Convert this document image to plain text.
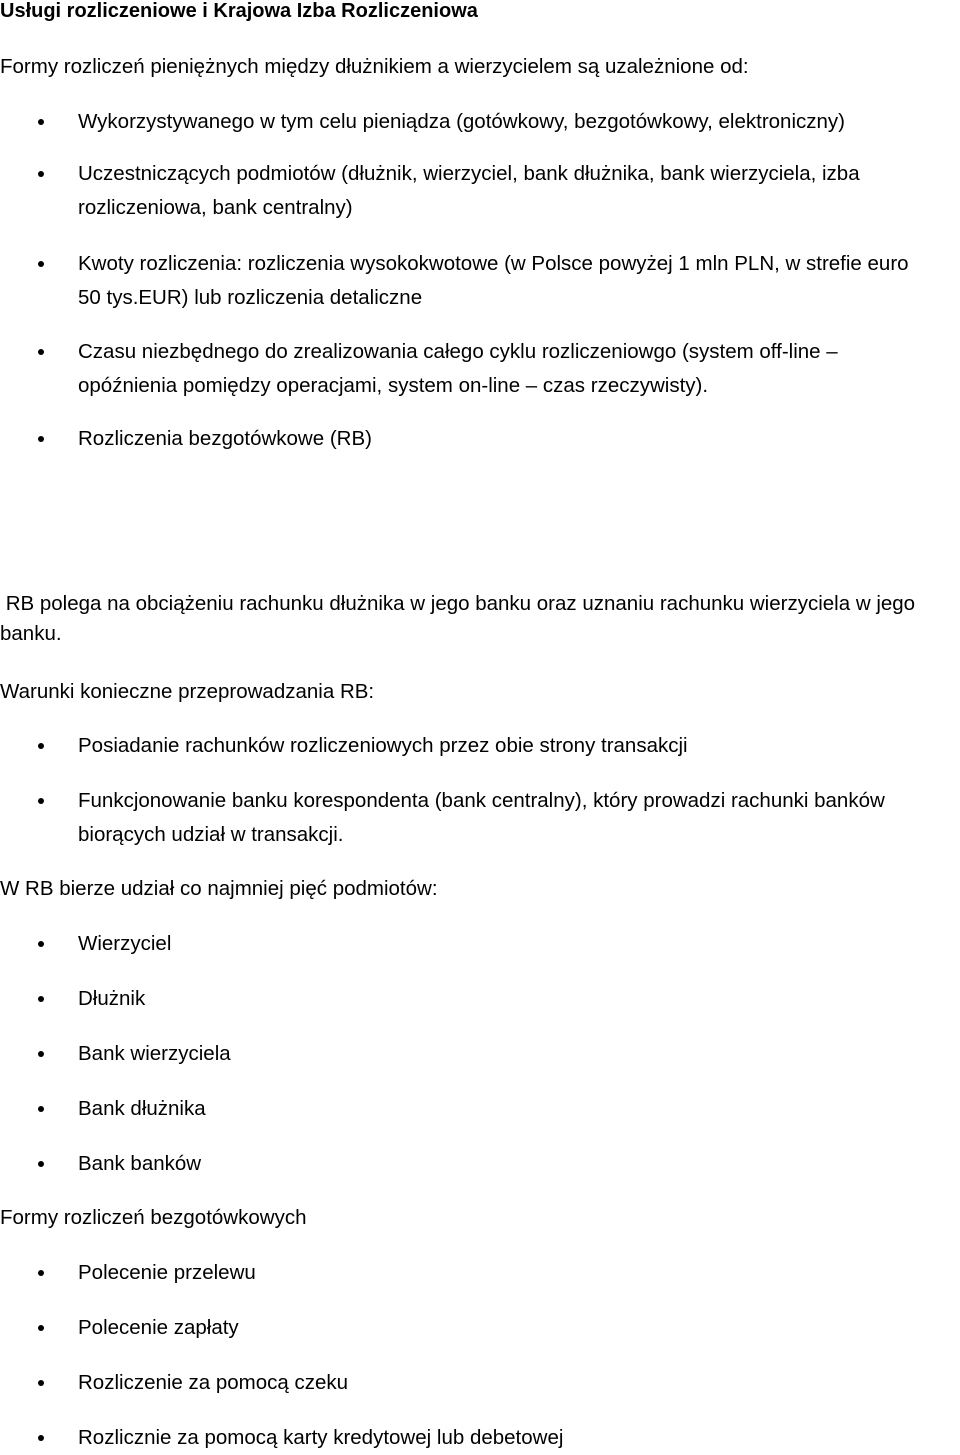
Usługi rozliczeniowe i Krajowa Izba Rozliczeniowa

Formy rozliczeń pieniężnych między dłużnikiem a wierzycielem są uzależnione od:

Wykorzystywanego w tym celu pieniądza (gotówkowy, bezgotówkowy, elektroniczny)
Uczestniczących podmiotów (dłużnik, wierzyciel, bank dłużnika, bank wierzyciela, izba
rozliczeniowa, bank centralny)
Kwoty rozliczenia: rozliczenia wysokokwotowe (w Polsce powyżej 1 mln PLN, w strefie euro
50 tys.EUR) lub rozliczenia detaliczne
Czasu niezbędnego do zrealizowania całego cyklu rozliczeniowgo (system off-line –
opóźnienia pomiędzy operacjami, system on-line – czas rzeczywisty).
Rozliczenia bezgotówkowe (RB)

RB polega na obciążeniu rachunku dłużnika w jego banku oraz uznaniu rachunku wierzyciela w jego

banku.

Warunki konieczne przeprowadzania RB:

Posiadanie rachunków rozliczeniowych przez obie strony transakcji
Funkcjonowanie banku korespondenta (bank centralny), który prowadzi rachunki banków
biorących udział w transakcji.

W RB bierze udział co najmniej pięć podmiotów:

Wierzyciel
Dłużnik
Bank wierzyciela
Bank dłużnika
Bank banków

Formy rozliczeń bezgotówkowych

Polecenie przelewu
Polecenie zapłaty
Rozliczenie za pomocą czeku
Rozlicznie za pomocą karty kredytowej lub debetowej
